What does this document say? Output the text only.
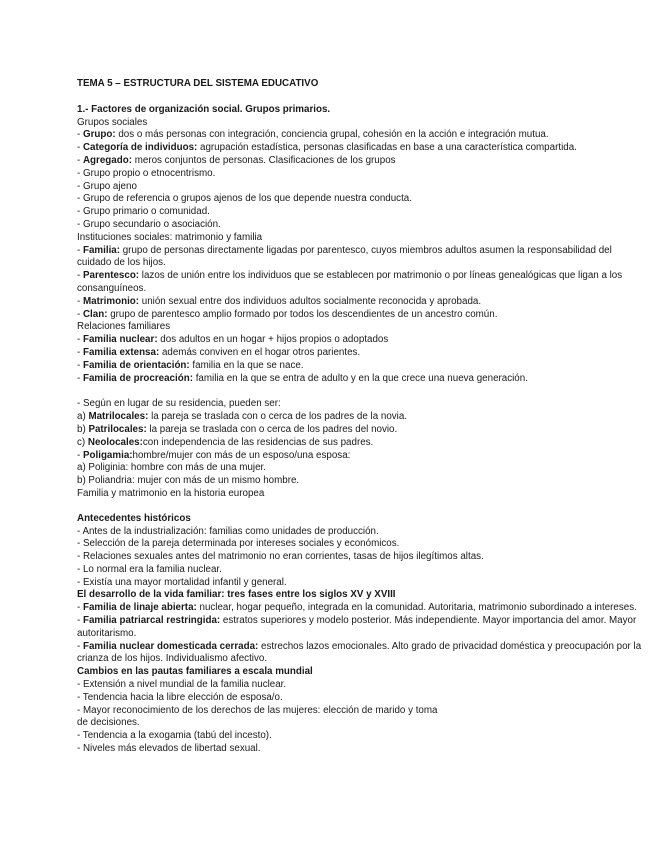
TEMA 5 – ESTRUCTURA DEL SISTEMA EDUCATIVO
1.- Factores de organización social. Grupos primarios.
Grupos sociales
- Grupo: dos o más personas con integración, conciencia grupal, cohesión en la acción e integración mutua.
- Categoría de individuos: agrupación estadística, personas clasificadas en base a una característica compartida.
- Agregado: meros conjuntos de personas. Clasificaciones de los grupos
- Grupo propio o etnocentrismo.
- Grupo ajeno
- Grupo de referencia o grupos ajenos de los que depende nuestra conducta.
- Grupo primario o comunidad.
- Grupo secundario o asociación.
Instituciones sociales: matrimonio y familia
- Familia: grupo de personas directamente ligadas por parentesco, cuyos miembros adultos asumen la responsabilidad del cuidado de los hijos.
- Parentesco: lazos de unión entre los individuos que se establecen por matrimonio o por líneas genealógicas que ligan a los consanguíneos.
- Matrimonio: unión sexual entre dos individuos adultos socialmente reconocida y aprobada.
- Clan: grupo de parentesco amplio formado por todos los descendientes de un ancestro común.
Relaciones familiares
- Familia nuclear: dos adultos en un hogar + hijos propios o adoptados
- Familia extensa: además conviven en el hogar otros parientes.
- Familia de orientación: familia en la que se nace.
- Familia de procreación: familia en la que se entra de adulto y en la que crece una nueva generación.
- Según en lugar de su residencia, pueden ser:
a) Matrilocales: la pareja se traslada con o cerca de los padres de la novia.
b) Patrilocales: la pareja se traslada con o cerca de los padres del novio.
c) Neolocales:con independencia de las residencias de sus padres.
- Poligamia:hombre/mujer con más de un esposo/una esposa:
a) Poliginia: hombre con más de una mujer.
b) Poliandria: mujer con más de un mismo hombre.
Familia y matrimonio en la historia europea
Antecedentes históricos
- Antes de la industrialización: familias como unidades de producción.
- Selección de la pareja determinada por intereses sociales y económicos.
- Relaciones sexuales antes del matrimonio no eran corrientes, tasas de hijos ilegítimos altas.
- Lo normal era la familia nuclear.
- Existía una mayor mortalidad infantil y general.
El desarrollo de la vida familiar: tres fases entre los siglos XV y XVIII
- Familia de linaje abierta: nuclear, hogar pequeño, integrada en la comunidad. Autoritaria, matrimonio subordinado a intereses.
- Familia patriarcal restringida: estratos superiores y modelo posterior. Más independiente. Mayor importancia del amor. Mayor autoritarismo.
- Familia nuclear domesticada cerrada: estrechos lazos emocionales. Alto grado de privacidad doméstica y preocupación por la crianza de los hijos. Individualismo afectivo.
Cambios en las pautas familiares a escala mundial
- Extensión a nivel mundial de la familia nuclear.
- Tendencia hacia la libre elección de esposa/o.
- Mayor reconocimiento de los derechos de las mujeres: elección de marido y toma
de decisiones.
- Tendencia a la exogamia (tabú del incesto).
- Niveles más elevados de libertad sexual.
